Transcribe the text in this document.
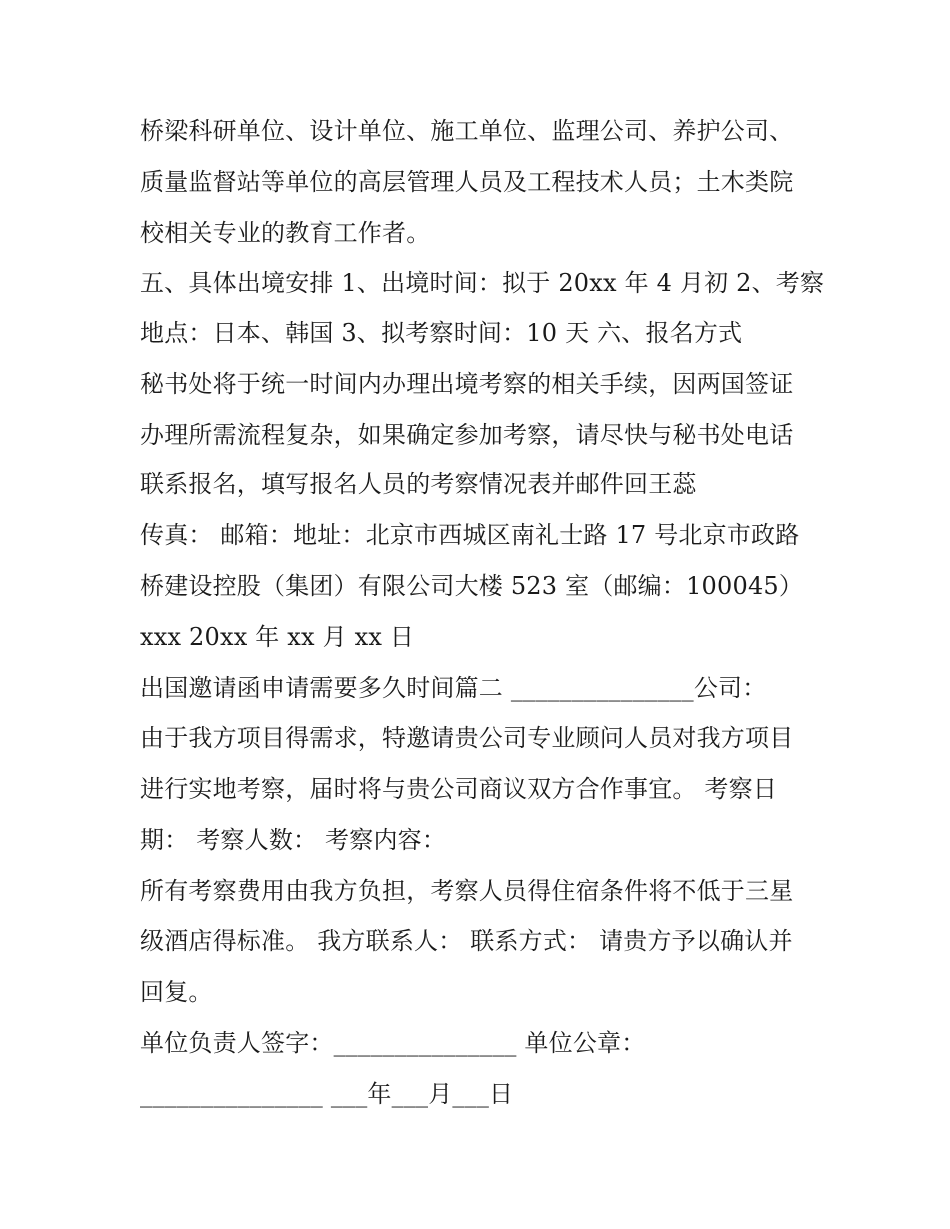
桥梁科研单位、设计单位、施工单位、监理公司、养护公司、
质量监督站等单位的高层管理人员及工程技术人员；土木类院
校相关专业的教育工作者。
五、具体出境安排 1、出境时间：拟于 20xx 年 4 月初 2、考察
地点：日本、韩国 3、拟考察时间：10 天 六、报名方式
秘书处将于统一时间内办理出境考察的相关手续，因两国签证
办理所需流程复杂，如果确定参加考察，请尽快与秘书处电话
联系报名，填写报名人员的考察情况表并邮件回王蕊
传真： 邮箱：地址：北京市西城区南礼士路 17 号北京市政路
桥建设控股（集团）有限公司大楼 523 室（邮编：100045）
xxx 20xx 年 xx 月 xx 日
出国邀请函申请需要多久时间篇二 _______________公司：
由于我方项目得需求，特邀请贵公司专业顾问人员对我方项目
进行实地考察，届时将与贵公司商议双方合作事宜。 考察日
期： 考察人数： 考察内容：
所有考察费用由我方负担，考察人员得住宿条件将不低于三星
级酒店得标准。 我方联系人： 联系方式： 请贵方予以确认并
回复。
单位负责人签字：_______________ 单位公章：
_______________ ___年___月___日
